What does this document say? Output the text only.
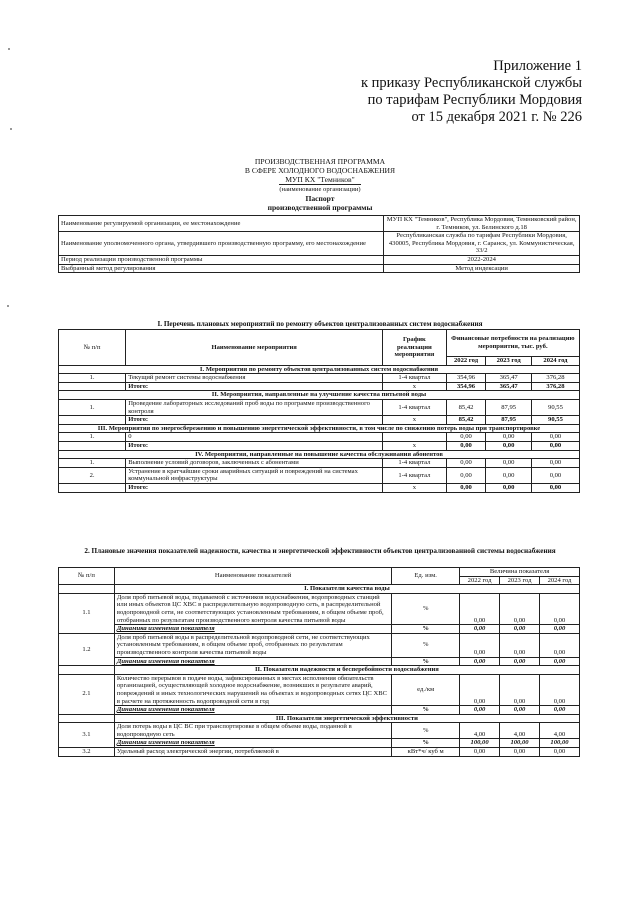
Приложение 1
к приказу Республиканской службы
по тарифам Республики Мордовия
от 15 декабря 2021 г. № 226
ПРОИЗВОДСТВЕННАЯ ПРОГРАММА
В СФЕРЕ ХОЛОДНОГО ВОДОСНАБЖЕНИЯ
МУП КХ "Темников"
(наименование организации)
Паспорт
производственной программы
Наименование регулируемой организации, ее местонахождение	МУП КХ "Темников", Республика Мордовия, Темниковский район, г. Темников, ул. Белинского д.18
Наименование уполномоченного органа, утвердившего производственную программу, его местонахождение	Республиканская служба по тарифам Республики Мордовия, 430005, Республика Мордовия, г. Саранск, ул. Коммунистическая, 33/2
Период реализации производственной программы	2022-2024
Выбранный метод регулирования	Метод индексации
I. Перечень плановых мероприятий по ремонту объектов централизованных систем водоснабжения
№ п/п	Наименование мероприятия	График реализации мероприятия	Финансовые потребности на реализацию мероприятия, тыс. руб.		
			2022 год	2023 год	2024 год
I. Мероприятия по ремонту объектов централизованных систем водоснабжения					
1.	Текущий ремонт системы водоснабжения	1-4 квартал	354,96	365,47	376,28
	Итого:	х	354,96	365,47	376,28
II. Мероприятия, направленные на улучшение качества питьевой воды					
1.	Проведение лабораторных исследований проб воды по программе производственного контроля	1-4 квартал	85,42	87,95	90,55
	Итого:	х	85,42	87,95	90,55
III. Мероприятия по энергосбережению и повышению энергетической эффективности, в том числе по снижению потерь воды при транспортировке					
1.	0		0,00	0,00	0,00
	Итого:	х	0,00	0,00	0,00
IV. Мероприятия, направленные на повышение качества обслуживания абонентов					
1.	Выполнение условий договоров, заключенных с абонентами	1-4 квартал	0,00	0,00	0,00
2.	Устранение в кратчайшие сроки аварийных ситуаций и повреждений на системах коммунальной инфраструктуры	1-4 квартал	0,00	0,00	0,00
	Итого:	х	0,00	0,00	0,00
2. Плановые значения показателей надежности, качества и энергетической эффективности объектов централизованной системы водоснабжения
№ п/п	Наименование показателей	Ед. изм.	Величина показателя		
			2022 год	2023 год	2024 год
	I. Показатели качества воды				
1.1	Доля проб питьевой воды, подаваемой с источников водоснабжения, водопроводных станций или иных объектов ЦС ХВС в распределительную водопроводную сеть, в распределительной водопроводной сети, не соответствующих установленным требованиям, в общем объеме проб, отобранных по результатам производственного контроля качества питьевой воды	%	0,00	0,00	0,00
	Динамика изменения показателя	%	0,00	0,00	0,00
1.2	Доля проб питьевой воды в распределительной водопроводной сети, не соответствующих установленным требованиям, в общем объеме проб, отобранных по результатам производственного контроля качества питьевой воды	%	0,00	0,00	0,00
	Динамика изменения показателя	%	0,00	0,00	0,00
	II. Показатели надежности и бесперебойности водоснабжения				
2.1	Количество перерывов в подаче воды, зафиксированных в местах исполнения обязательств организацией, осуществляющей холодное водоснабжение, возникших в результате аварий, повреждений и иных технологических нарушений на объектах и водопроводных сетях ЦС ХВС в расчете на протяженность водопроводной сети в год	ед./км	0,00	0,00	0,00
	Динамика изменения показателя	%	0,00	0,00	0,00
	III. Показатели энергетической эффективности				
3.1	Доля потерь воды в ЦС ВС при транспортировке в общем объеме воды, поданной в водопроводную сеть	%	4,00	4,00	4,00
	Динамика изменения показателя	%	100,00	100,00	100,00
3.2	Удельный расход электрической энергии, потребляемой в	кВт*ч/ куб м	0,00	0,00	0,00
